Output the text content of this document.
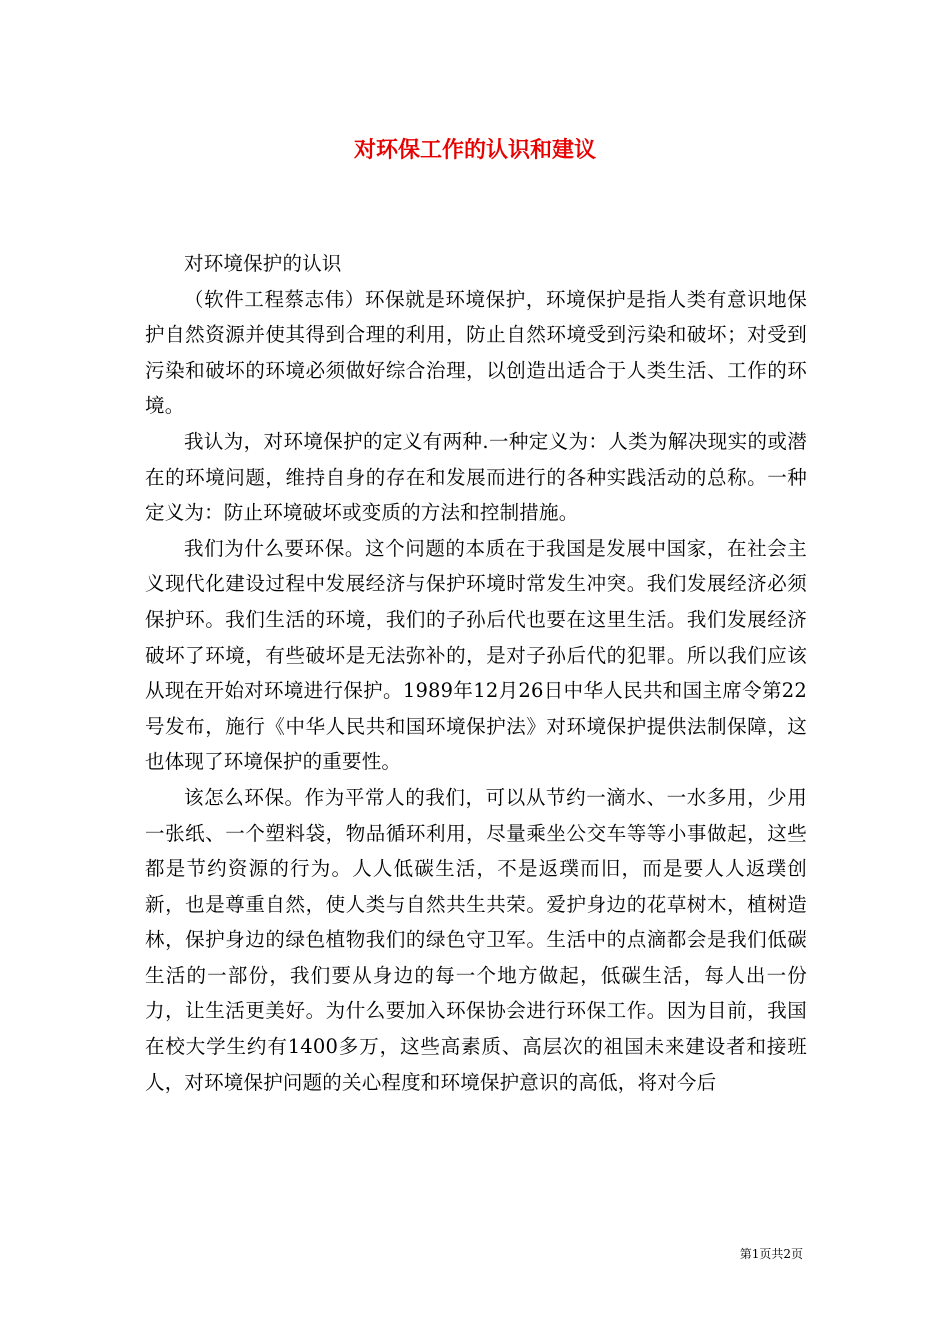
对环保工作的认识和建议

对环境保护的认识

（软件工程蔡志伟）环保就是环境保护，环境保护是指人类有意识地保护自然资源并使其得到合理的利用，防止自然环境受到污染和破坏；对受到污染和破坏的环境必须做好综合治理，以创造出适合于人类生活、工作的环境。

我认为，对环境保护的定义有两种.一种定义为：人类为解决现实的或潜在的环境问题，维持自身的存在和发展而进行的各种实践活动的总称。一种定义为：防止环境破坏或变质的方法和控制措施。

我们为什么要环保。这个问题的本质在于我国是发展中国家，在社会主义现代化建设过程中发展经济与保护环境时常发生冲突。我们发展经济必须保护环。我们生活的环境，我们的子孙后代也要在这里生活。我们发展经济破坏了环境，有些破坏是无法弥补的，是对子孙后代的犯罪。所以我们应该从现在开始对环境进行保护。1989年12月26日中华人民共和国主席令第22号发布，施行《中华人民共和国环境保护法》对环境保护提供法制保障，这也体现了环境保护的重要性。

该怎么环保。作为平常人的我们，可以从节约一滴水、一水多用，少用一张纸、一个塑料袋，物品循环利用，尽量乘坐公交车等等小事做起，这些都是节约资源的行为。人人低碳生活，不是返璞而旧，而是要人人返璞创新，也是尊重自然，使人类与自然共生共荣。爱护身边的花草树木，植树造林，保护身边的绿色植物我们的绿色守卫军。生活中的点滴都会是我们低碳生活的一部份，我们要从身边的每一个地方做起，低碳生活，每人出一份力，让生活更美好。为什么要加入环保协会进行环保工作。因为目前，我国在校大学生约有1400多万，这些高素质、高层次的祖国未来建设者和接班人，对环境保护问题的关心程度和环境保护意识的高低，将对今后

第1页共2页
